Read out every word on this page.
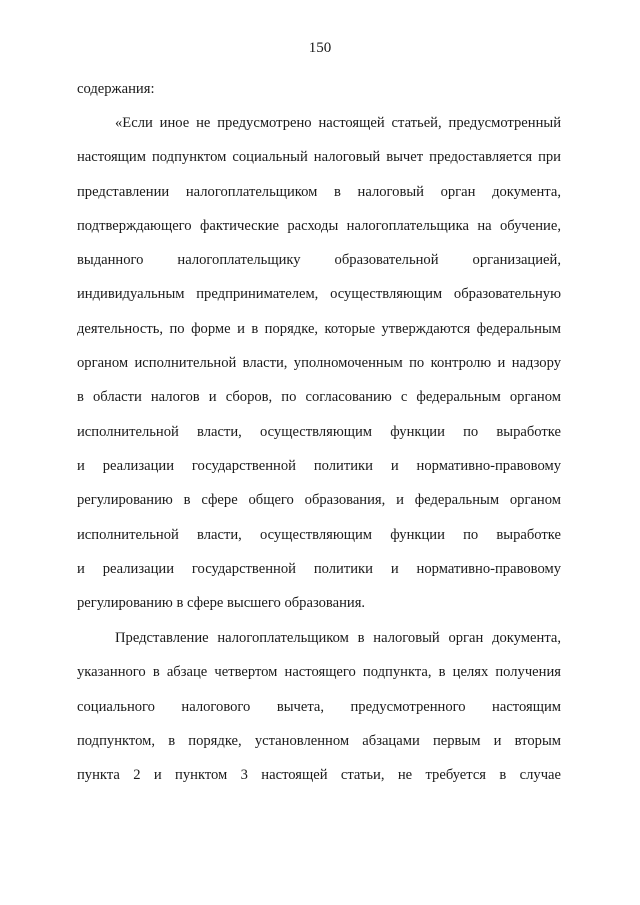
150
содержания:
«Если иное не предусмотрено настоящей статьей, предусмотренный
настоящим подпунктом социальный налоговый вычет предоставляется при
представлении налогоплательщиком в налоговый орган документа,
подтверждающего фактические расходы налогоплательщика на обучение,
выданного налогоплательщику образовательной организацией,
индивидуальным предпринимателем, осуществляющим образовательную
деятельность, по форме и в порядке, которые утверждаются федеральным
органом исполнительной власти, уполномоченным по контролю и надзору
в области налогов и сборов, по согласованию с федеральным органом
исполнительной власти, осуществляющим функции по выработке
и реализации государственной политики и нормативно-правовому
регулированию в сфере общего образования, и федеральным органом
исполнительной власти, осуществляющим функции по выработке
и реализации государственной политики и нормативно-правовому
регулированию в сфере высшего образования.
Представление налогоплательщиком в налоговый орган документа,
указанного в абзаце четвертом настоящего подпункта, в целях получения
социального налогового вычета, предусмотренного настоящим
подпунктом, в порядке, установленном абзацами первым и вторым
пункта 2 и пунктом 3 настоящей статьи, не требуется в случае
